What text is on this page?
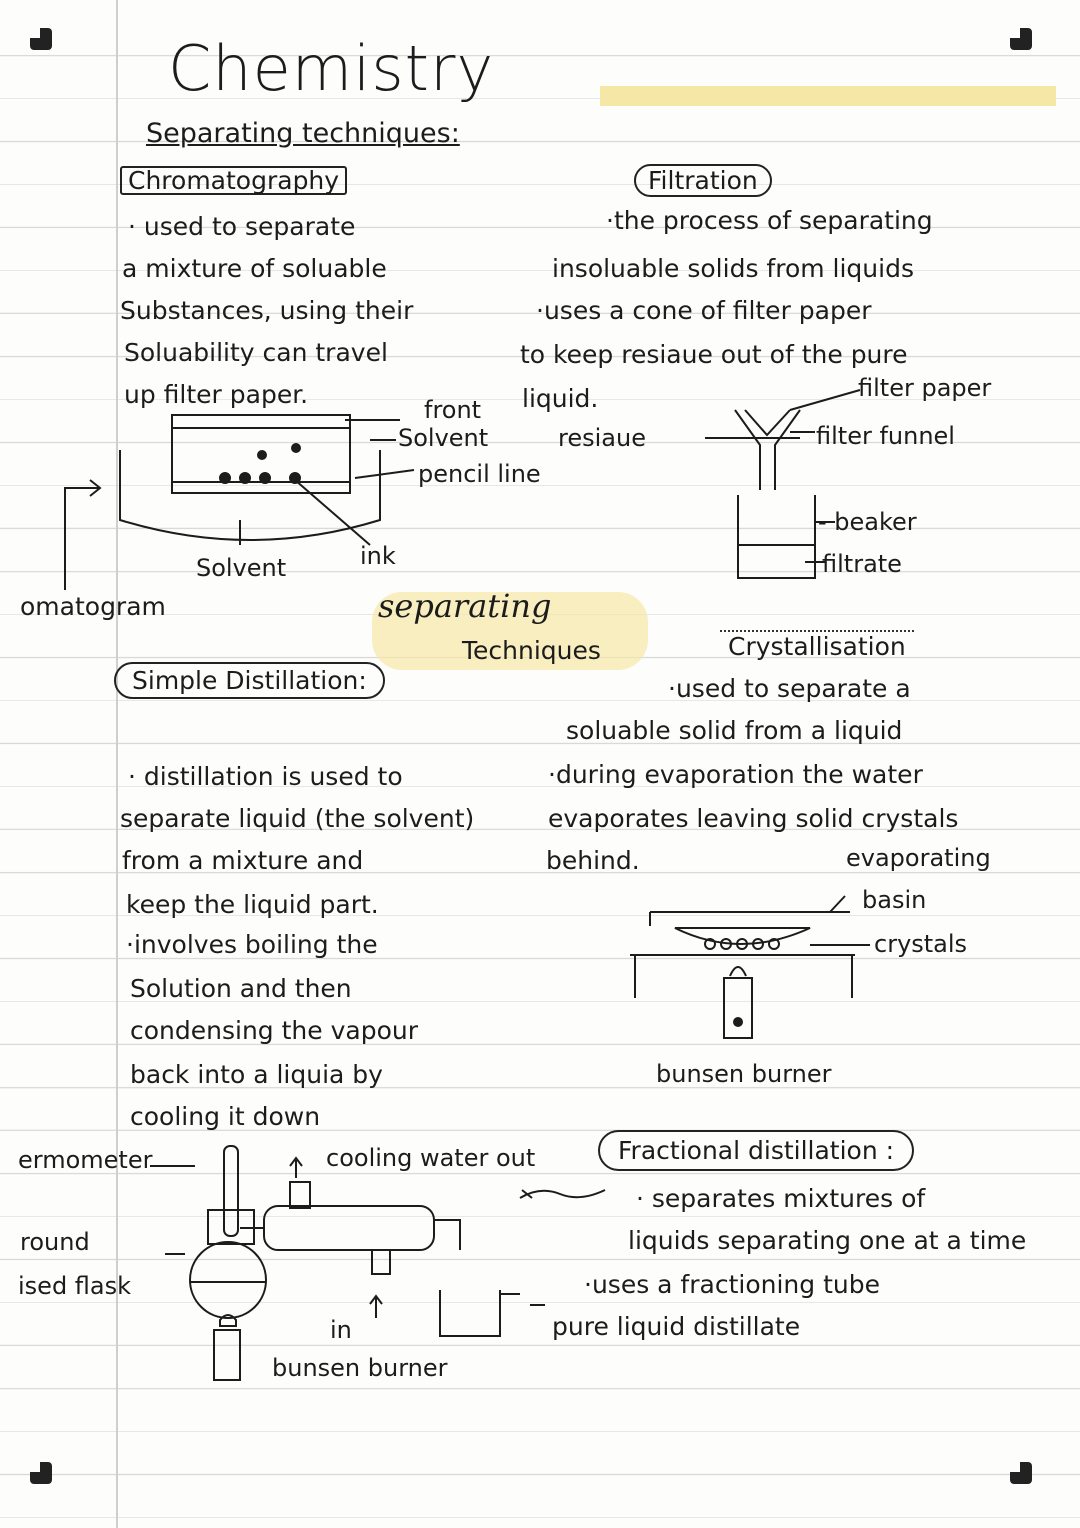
Chemistry
Separating techniques:
Chromatography
· used to separate
a mixture of soluable
Substances, using their
Soluability can travel
up filter paper.
front
Solvent
pencil line
Solvent	ink
omatogram
Filtration
·the process of separating
insoluable solids from liquids
·uses a cone of filter paper
to keep resiaue out of the pure
liquid.	filter paper
resiaue	filter funnel
- beaker
filtrate
separating
Techniques
Simple Distillation:
· distillation is used to
separate liquid (the solvent)
from a mixture and
keep the liquid part.
·involves boiling the
Solution and then
condensing the vapour
back into a liquia by
cooling it down
ermometer	cooling water out
round
ised flask
in
bunsen burner
Crystallisation
·used to separate a
soluable solid from a liquid
·during evaporation the water
evaporates leaving solid crystals
behind.	evaporating
basin
crystals
bunsen burner
Fractional distillation :
· separates mixtures of
liquids separating one at a time
·uses a fractioning tube
pure liquid distillate
